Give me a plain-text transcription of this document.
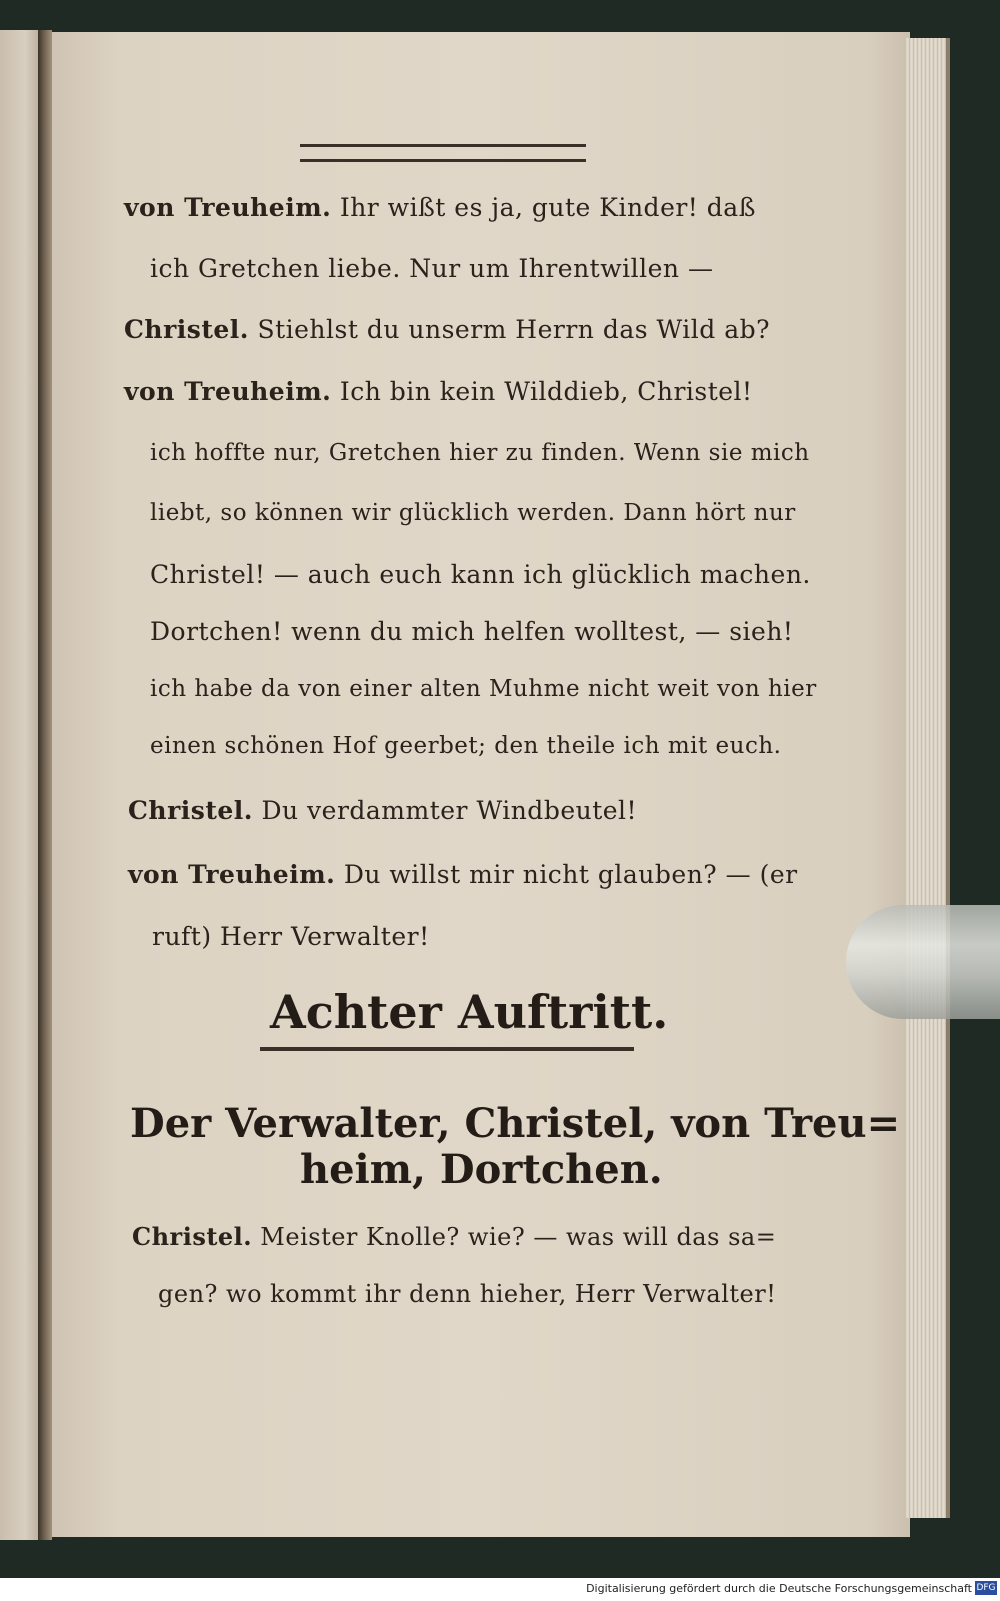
von Treuheim. Ihr wißt es ja, gute Kinder! daß
ich Gretchen liebe. Nur um Ihrentwillen —
Christel. Stiehlst du unserm Herrn das Wild ab?
von Treuheim. Ich bin kein Wilddieb, Christel!
ich hoffte nur, Gretchen hier zu finden. Wenn sie mich
liebt, so können wir glücklich werden. Dann hört nur
Christel! — auch euch kann ich glücklich machen.
Dortchen! wenn du mich helfen wolltest, — sieh!
ich habe da von einer alten Muhme nicht weit von hier
einen schönen Hof geerbet; den theile ich mit euch.
Christel. Du verdammter Windbeutel!
von Treuheim. Du willst mir nicht glauben? — (er
ruft) Herr Verwalter!
Achter Auftritt.
Der Verwalter, Christel, von Treu=
heim, Dortchen.
Christel. Meister Knolle? wie? — was will das sa=
gen? wo kommt ihr denn hieher, Herr Verwalter!
Digitalisierung gefördert durch die Deutsche Forschungsgemeinschaft DFG
